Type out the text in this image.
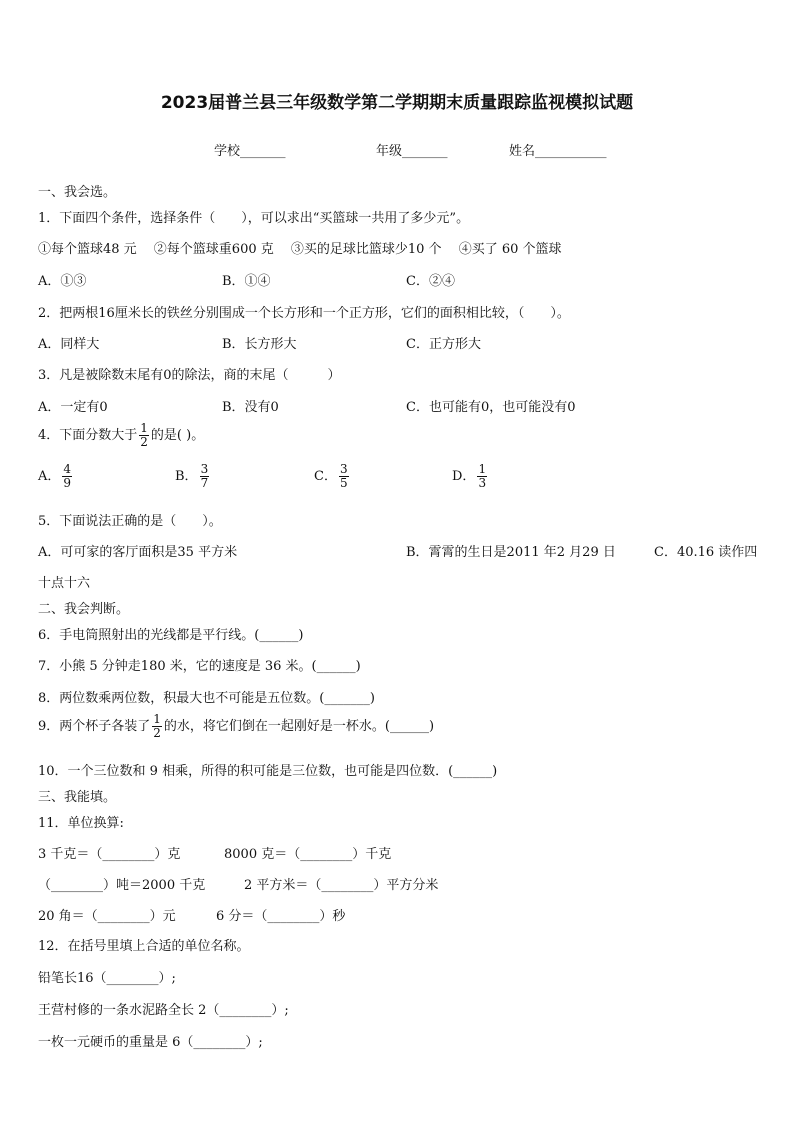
2023届普兰县三年级数学第二学期期末质量跟踪监视模拟试题
学校_______	年级_______	姓名___________
一、我会选。
1．下面四个条件，选择条件（　　），可以求出“买篮球一共用了多少元”。
①每个篮球48 元　 ②每个篮球重600 克　 ③买的足球比篮球少10 个　 ④买了 60 个篮球
A．①③	B．①④	C．②④
2．把两根16厘米长的铁丝分别围成一个长方形和一个正方形，它们的面积相比较，（　　）。
A．同样大	B．长方形大	C．正方形大
3．凡是被除数末尾有0的除法，商的末尾（　　　）
A．一定有0	B．没有0	C．也可能有0，也可能没有0
4．下面分数大于 $\frac{1}{2}$ 的是( )。
A． $\frac{4}{9}$	B． $\frac{3}{7}$	C． $\frac{3}{5}$	D． $\frac{1}{3}$
5．下面说法正确的是（　　）。
A．可可家的客厅面积是35 平方米	B．霄霄的生日是2011 年2 月29 日	C．40.16 读作四
十点十六
二、我会判断。
6．手电筒照射出的光线都是平行线。(______)
7．小熊 5 分钟走180 米，它的速度是 36 米。(______)
8．两位数乘两位数，积最大也不可能是五位数。(_______)
9．两个杯子各装了 $\frac{1}{2}$ 的水，将它们倒在一起刚好是一杯水。(______)
10．一个三位数和 9 相乘，所得的积可能是三位数，也可能是四位数．(______)
三、我能填。
11．单位换算:
3 千克＝（________）克	8000 克＝（________）千克
（________）吨＝2000 千克	2 平方米＝（________）平方分米
20 角＝（________）元	6 分＝（________）秒
12．在括号里填上合适的单位名称。
铅笔长16（________）;
王营村修的一条水泥路全长 2（________）;
一枚一元硬币的重量是 6（________）;
